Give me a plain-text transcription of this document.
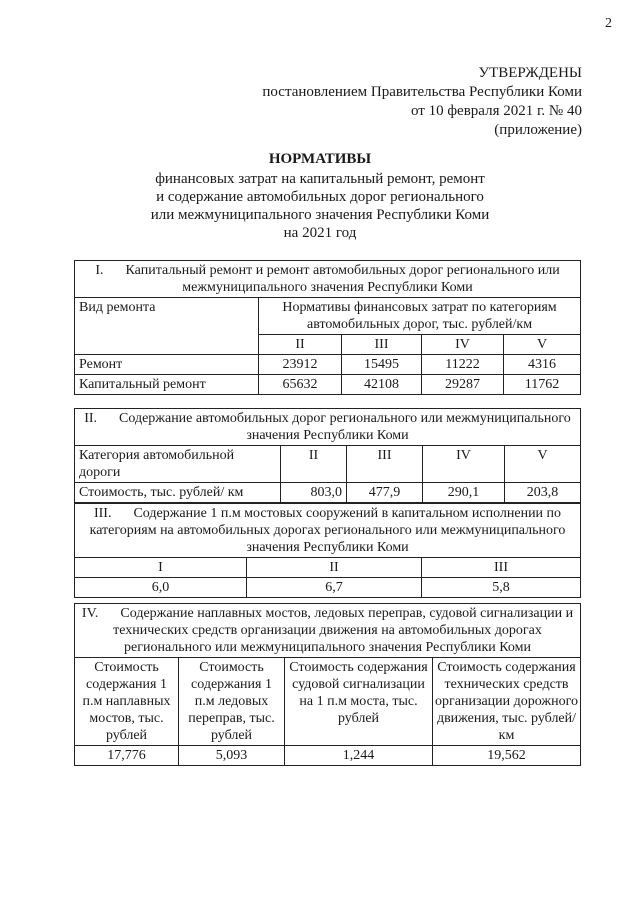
2
УТВЕРЖДЕНЫ
постановлением Правительства Республики Коми
от 10 февраля 2021 г. № 40
(приложение)
НОРМАТИВЫ
финансовых затрат на капитальный ремонт, ремонт
и содержание автомобильных дорог регионального
или межмуниципального значения Республики Коми
на 2021 год
I. Капитальный ремонт и ремонт автомобильных дорог регионального или межмуниципального значения Республики Коми				
Вид ремонта	Нормативы финансовых затрат по категориям автомобильных дорог, тыс. рублей/км			
	II	III	IV	V
Ремонт	23912	15495	11222	4316
Капитальный ремонт	65632	42108	29287	11762
II. Содержание автомобильных дорог регионального или межмуниципального значения Республики Коми				
Категория автомобильной дороги	II	III	IV	V
Стоимость, тыс. рублей/ км	803,0	477,9	290,1	203,8
III. Содержание 1 п.м мостовых сооружений в капитальном исполнении по категориям на автомобильных дорогах регионального или межмуниципального значения Республики Коми		
I	II	III
6,0	6,7	5,8
IV. Содержание наплавных мостов, ледовых переправ, судовой сигнализации и технических средств организации движения на автомобильных дорогах регионального или межмуниципального значения Республики Коми			
Стоимость содержания 1 п.м наплавных мостов, тыс. рублей	Стоимость содержания 1 п.м ледовых переправ, тыс. рублей	Стоимость содержания судовой сигнализации на 1 п.м моста, тыс. рублей	Стоимость содержания технических средств организации дорожного движения, тыс. рублей/км
17,776	5,093	1,244	19,562
